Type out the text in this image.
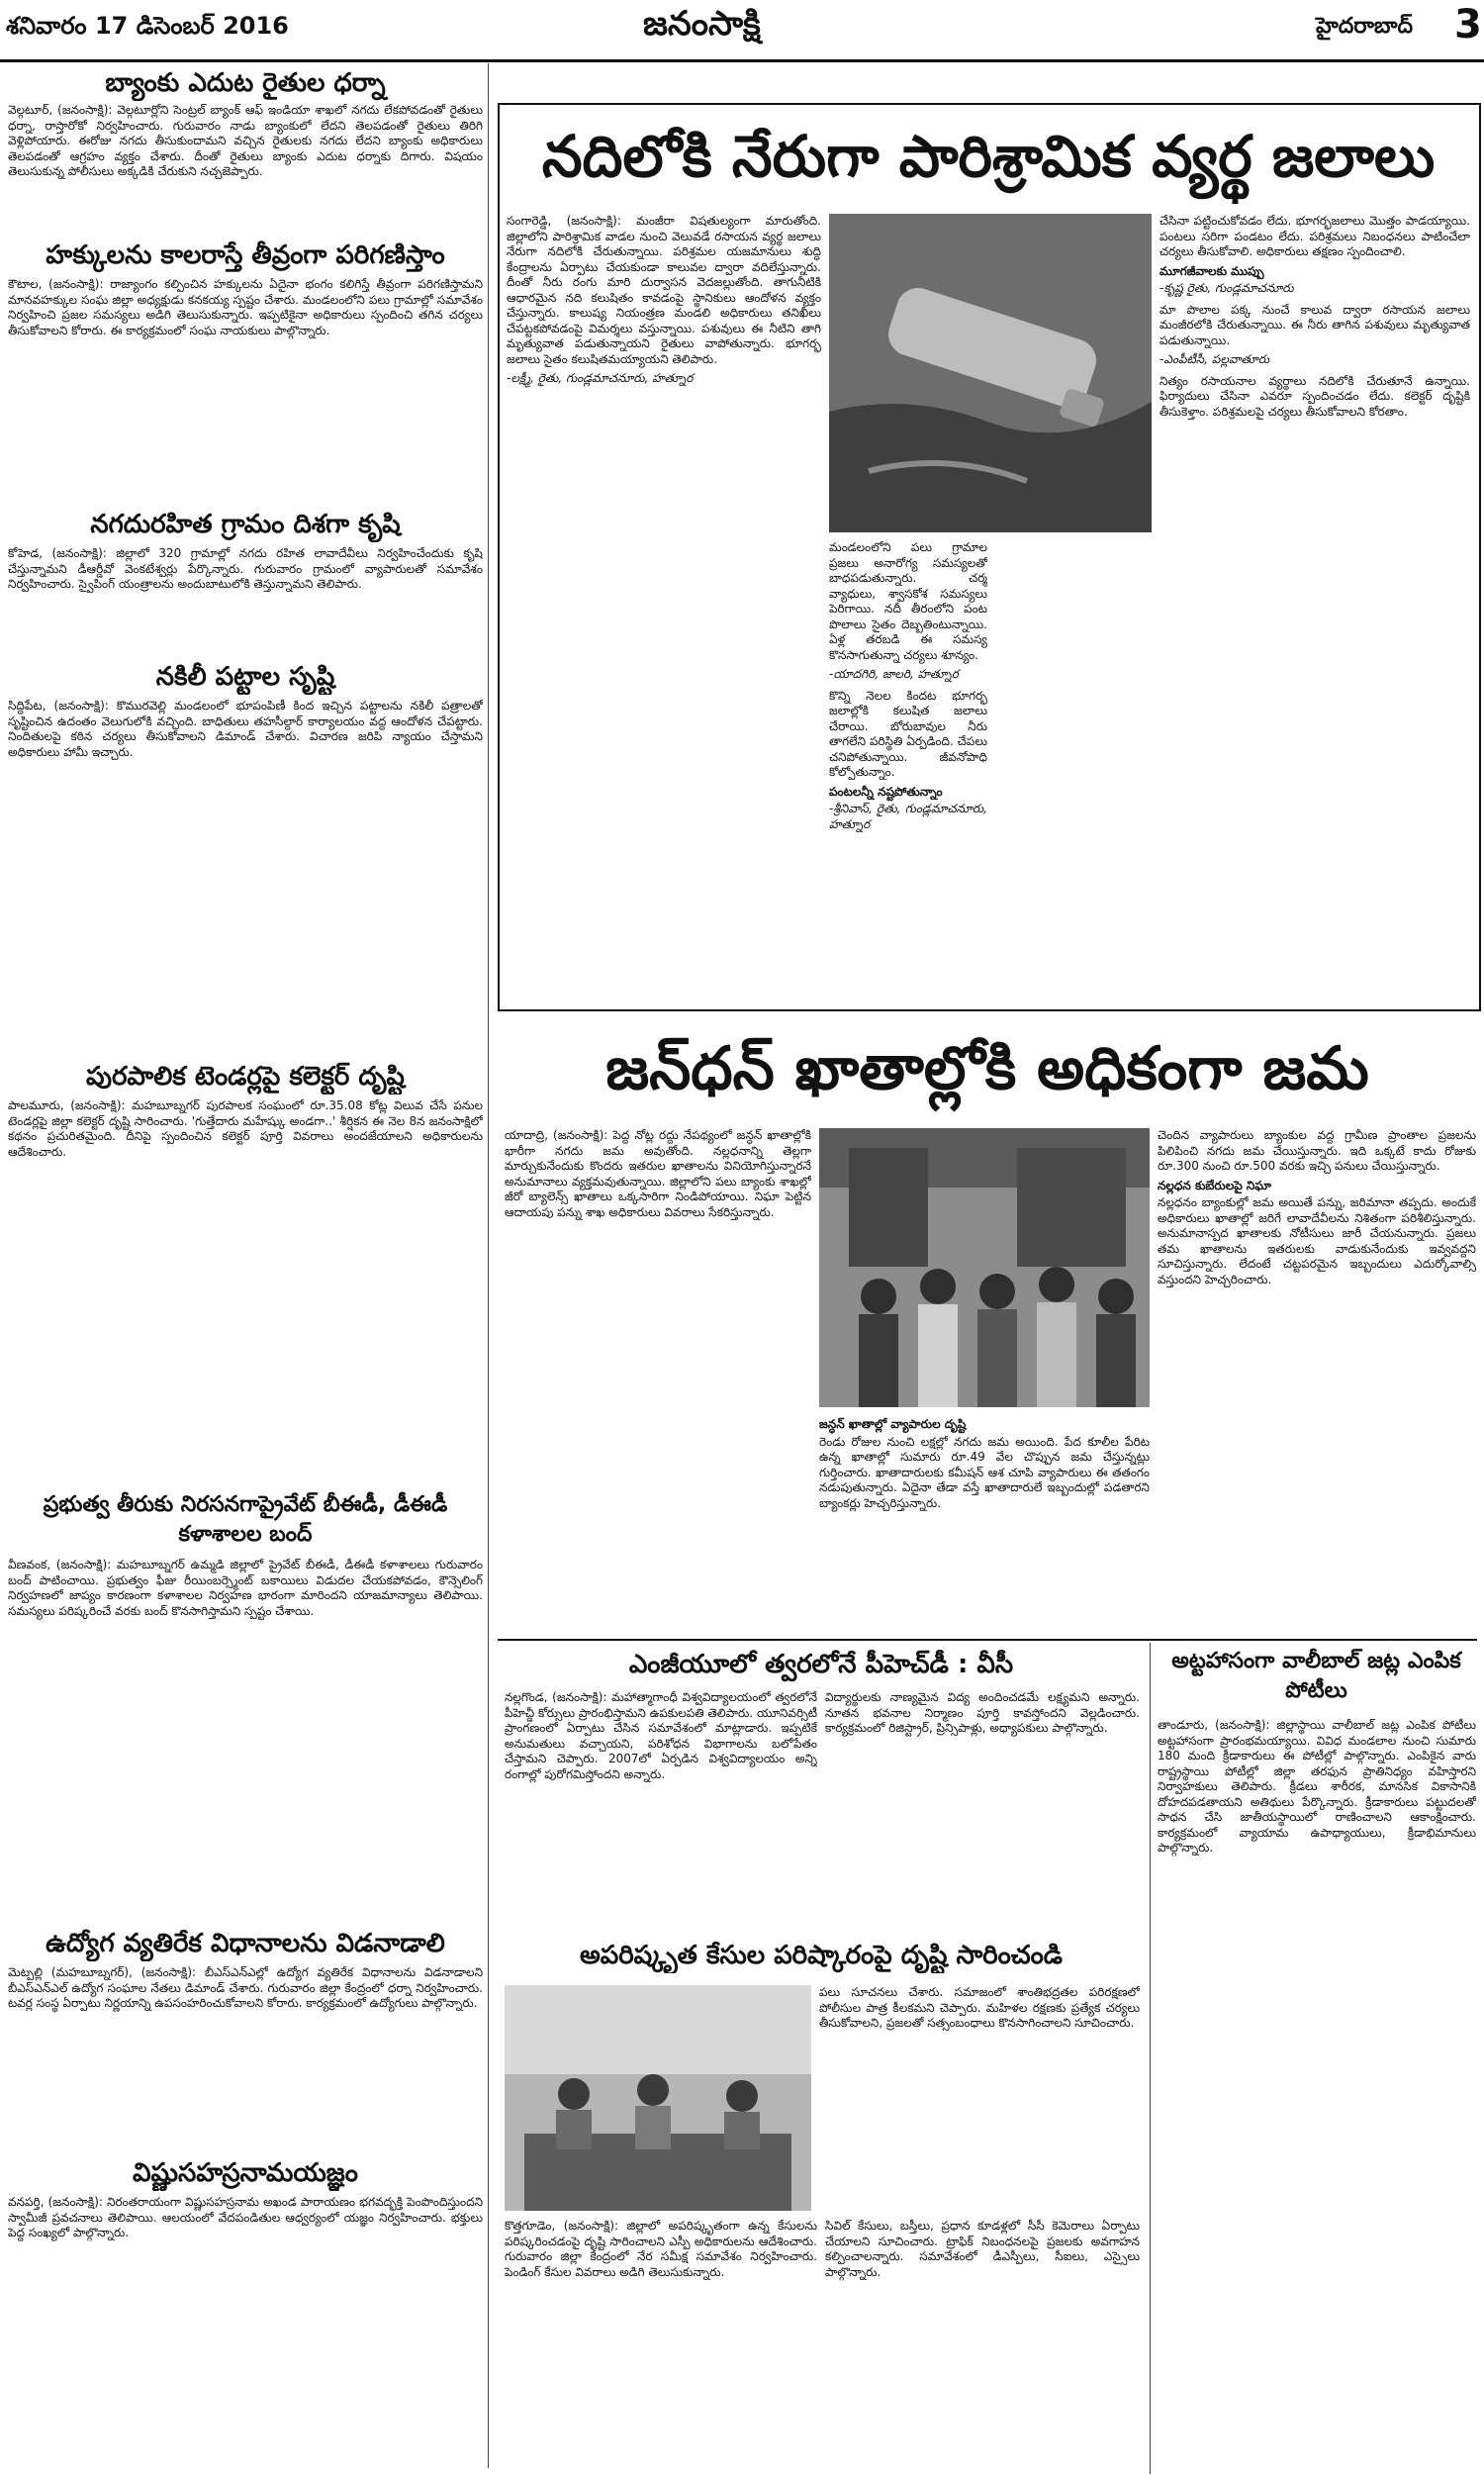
శనివారం 17 డిసెంబర్ 2016	జనంసాక్షి	హైదరాబాద్ 3
బ్యాంకు ఎదుట రైతుల ధర్నా

వెల్గటూర్, (జనంసాక్షి): వెల్గటూర్లోని సెంట్రల్ బ్యాంక్ ఆఫ్ ఇండియా శాఖలో నగదు లేకపోవడంతో రైతులు ధర్నా, రాస్తారోకో నిర్వహించారు. గురువారం నాడు బ్యాంకులో లేదని తెలపడంతో రైతులు తిరిగి వెళ్లిపోయారు. ఈరోజు నగదు తీసుకుందామని వచ్చిన రైతులకు నగదు లేదని బ్యాంకు అధికారులు తెలపడంతో ఆగ్రహం వ్యక్తం చేశారు. దీంతో రైతులు బ్యాంకు ఎదుట ధర్నాకు దిగారు. విషయం తెలుసుకున్న పోలీసులు అక్కడికి చేరుకుని నచ్చజెప్పారు.

హక్కులను కాలరాస్తే తీవ్రంగా పరిగణిస్తాం

కౌటాల, (జనంసాక్షి): రాజ్యాంగం కల్పించిన హక్కులను ఏదైనా భంగం కలిగిస్తే తీవ్రంగా పరిగణిస్తామని మానవహక్కుల సంఘ జిల్లా అధ్యక్షుడు కనకయ్య స్పష్టం చేశారు. మండలంలోని పలు గ్రామాల్లో సమావేశం నిర్వహించి ప్రజల సమస్యలు అడిగి తెలుసుకున్నారు. ఇప్పటికైనా అధికారులు స్పందించి తగిన చర్యలు తీసుకోవాలని కోరారు. ఈ కార్యక్రమంలో సంఘ నాయకులు పాల్గొన్నారు.

నగదురహిత గ్రామం దిశగా కృషి

కోహెడ, (జనంసాక్షి): జిల్లాలో 320 గ్రామాల్లో నగదు రహిత లావాదేవీలు నిర్వహించేందుకు కృషి చేస్తున్నామని డీఆర్డీవో వెంకటేశ్వర్లు పేర్కొన్నారు. గురువారం గ్రామంలో వ్యాపారులతో సమావేశం నిర్వహించారు. స్వైపింగ్ యంత్రాలను అందుబాటులోకి తెస్తున్నామని తెలిపారు.

నకిలీ పట్టాల సృష్టి

సిద్దిపేట, (జనంసాక్షి): కొమురవెల్లి మండలంలో భూపంపిణీ కింద ఇచ్చిన పట్టాలను నకిలీ పత్రాలతో సృష్టించిన ఉదంతం వెలుగులోకి వచ్చింది. బాధితులు తహసీల్దార్ కార్యాలయం వద్ద ఆందోళన చేపట్టారు. నిందితులపై కఠిన చర్యలు తీసుకోవాలని డిమాండ్ చేశారు. విచారణ జరిపి న్యాయం చేస్తామని అధికారులు హామీ ఇచ్చారు.

పురపాలిక టెండర్లపై కలెక్టర్ దృష్టి

పాలమూరు, (జనంసాక్షి): మహబూబ్నగర్ పురపాలక సంఘంలో రూ.35.08 కోట్ల విలువ చేసే పనుల టెండర్లపై జిల్లా కలెక్టర్ దృష్టి సారించారు. 'గుత్తేదారు మహేష్కు అండగా..' శీర్షికన ఈ నెల 8న జనంసాక్షిలో కథనం ప్రచురితమైంది. దీనిపై స్పందించిన కలెక్టర్ పూర్తి వివరాలు అందజేయాలని అధికారులను ఆదేశించారు.

ప్రభుత్వ తీరుకు నిరసనగాప్రైవేట్ బీఈడీ, డీఈడీ కళాశాలల బంద్

వీణవంక, (జనంసాక్షి): మహబూబ్నగర్ ఉమ్మడి జిల్లాలో ప్రైవేట్ బీఈడీ, డీఈడీ కళాశాలలు గురువారం బంద్ పాటించాయి. ప్రభుత్వం ఫీజు రీయింబర్స్మెంట్ బకాయిలు విడుదల చేయకపోవడం, కౌన్సెలింగ్ నిర్వహణలో జాప్యం కారణంగా కళాశాలల నిర్వహణ భారంగా మారిందని యాజమాన్యాలు తెలిపాయి. సమస్యలు పరిష్కరించే వరకు బంద్ కొనసాగిస్తామని స్పష్టం చేశాయి.

ఉద్యోగ వ్యతిరేక విధానాలను విడనాడాలి

మెట్పల్లి (మహబూబ్నగర్), (జనంసాక్షి): బీఎస్ఎన్ఎల్లో ఉద్యోగ వ్యతిరేక విధానాలను విడనాడాలని బీఎస్ఎన్ఎల్ ఉద్యోగ సంఘాల నేతలు డిమాండ్ చేశారు. గురువారం జిల్లా కేంద్రంలో ధర్నా నిర్వహించారు. టవర్ల సంస్థ ఏర్పాటు నిర్ణయాన్ని ఉపసంహరించుకోవాలని కోరారు. కార్యక్రమంలో ఉద్యోగులు పాల్గొన్నారు.

విష్ణుసహస్రనామయజ్ఞం

వనపర్తి, (జనంసాక్షి): నిరంతరాయంగా విష్ణుసహస్రనామ అఖండ పారాయణం భగవద్భక్తి పెంపొందిస్తుందని స్వామీజీ ప్రవచనాలు తెలిపాయి. ఆలయంలో వేదపండితుల ఆధ్వర్యంలో యజ్ఞం నిర్వహించారు. భక్తులు పెద్ద సంఖ్యలో పాల్గొన్నారు.

నదిలోకి నేరుగా పారిశ్రామిక వ్యర్థ జలాలు

సంగారెడ్డి, (జనంసాక్షి): మంజీరా విషతుల్యంగా మారుతోంది. జిల్లాలోని పారిశ్రామిక వాడల నుంచి వెలువడే రసాయన వ్యర్థ జలాలు నేరుగా నదిలోకి చేరుతున్నాయి. పరిశ్రమల యజమానులు శుద్ధి కేంద్రాలను ఏర్పాటు చేయకుండా కాలువల ద్వారా వదిలేస్తున్నారు. దీంతో నీరు రంగు మారి దుర్వాసన వెదజల్లుతోంది. తాగునీటికి ఆధారమైన నది కలుషితం కావడంపై స్థానికులు ఆందోళన వ్యక్తం చేస్తున్నారు. కాలుష్య నియంత్రణ మండలి అధికారులు తనిఖీలు చేపట్టకపోవడంపై విమర్శలు వస్తున్నాయి. పశువులు ఈ నీటిని తాగి మృత్యువాత పడుతున్నాయని రైతులు వాపోతున్నారు. భూగర్భ జలాలు సైతం కలుషితమయ్యాయని తెలిపారు.

-లక్ష్మీ, రైతు, గుండ్లమాచనూరు, హత్నూర

మండలంలోని పలు గ్రామాల ప్రజలు అనారోగ్య సమస్యలతో బాధపడుతున్నారు. చర్మ వ్యాధులు, శ్వాసకోశ సమస్యలు పెరిగాయి. నదీ తీరంలోని పంట పొలాలు సైతం దెబ్బతింటున్నాయి. ఏళ్ల తరబడి ఈ సమస్య కొనసాగుతున్నా చర్యలు శూన్యం.

-యాదగిరి, జాలరి, హత్నూర

కొన్ని నెలల కిందట భూగర్భ జలాల్లోకి కలుషిత జలాలు చేరాయి. బోరుబావుల నీరు తాగలేని పరిస్థితి ఏర్పడింది. చేపలు చనిపోతున్నాయి. జీవనోపాధి కోల్పోతున్నాం.

పంటలన్నీ నష్టపోతున్నాం
-శ్రీనివాస్, రైతు, గుండ్లమాచనూరు, హత్నూర

చేసినా పట్టించుకోవడం లేదు. భూగర్భజలాలు మొత్తం పాడయ్యాయి. పంటలు సరిగా పండటం లేదు. పరిశ్రమలు నిబంధనలు పాటించేలా చర్యలు తీసుకోవాలి. అధికారులు తక్షణం స్పందించాలి.

మూగజీవాలకు ముప్పు
-కృష్ణ రైతు, గుండ్లమాచనూరు

మా పొలాల పక్క నుంచే కాలువ ద్వారా రసాయన జలాలు మంజీరలోకి చేరుతున్నాయి. ఈ నీరు తాగిన పశువులు మృత్యువాత పడుతున్నాయి.

-ఎంపీటీసీ, పల్లవాతూరు

నిత్యం రసాయనాల వ్యర్థాలు నదిలోకి చేరుతూనే ఉన్నాయి. ఫిర్యాదులు చేసినా ఎవరూ స్పందించడం లేదు. కలెక్టర్ దృష్టికి తీసుకెళ్తాం. పరిశ్రమలపై చర్యలు తీసుకోవాలని కోరతాం.

జన్‌ధన్‌ ఖాతాల్లోకి అధికంగా జమ

యాదాద్రి, (జనంసాక్షి): పెద్ద నోట్ల రద్దు నేపథ్యంలో జన్ధన్ ఖాతాల్లోకి భారీగా నగదు జమ అవుతోంది. నల్లధనాన్ని తెల్లగా మార్చుకునేందుకు కొందరు ఇతరుల ఖాతాలను వినియోగిస్తున్నారనే అనుమానాలు వ్యక్తమవుతున్నాయి. జిల్లాలోని పలు బ్యాంకు శాఖల్లో జీరో బ్యాలెన్స్ ఖాతాలు ఒక్కసారిగా నిండిపోయాయి. నిఘా పెట్టిన ఆదాయపు పన్ను శాఖ అధికారులు వివరాలు సేకరిస్తున్నారు.

జన్ధన్ ఖాతాల్లో వ్యాపారుల దృష్టి

రెండు రోజుల నుంచి లక్షల్లో నగదు జమ అయింది. పేద కూలీల పేరిట ఉన్న ఖాతాల్లో సుమారు రూ.49 వేల చొప్పున జమ చేస్తున్నట్లు గుర్తించారు. ఖాతాదారులకు కమీషన్ ఆశ చూపి వ్యాపారులు ఈ తతంగం నడుపుతున్నారు. ఏదైనా తేడా వస్తే ఖాతాదారులే ఇబ్బందుల్లో పడతారని బ్యాంకర్లు హెచ్చరిస్తున్నారు.

చెందిన వ్యాపారులు బ్యాంకుల వద్ద గ్రామీణ ప్రాంతాల ప్రజలను పిలిపించి నగదు జమ చేయిస్తున్నారు. ఇది ఒక్కటే కాదు రోజుకు రూ.300 నుంచి రూ.500 వరకు ఇచ్చి పనులు చేయిస్తున్నారు.

నల్లధన కుబేరులపై నిఘా

నల్లధనం బ్యాంకుల్లో జమ అయితే పన్ను, జరిమానా తప్పదు. అందుకే అధికారులు ఖాతాల్లో జరిగే లావాదేవీలను నిశితంగా పరిశీలిస్తున్నారు. అనుమానాస్పద ఖాతాలకు నోటీసులు జారీ చేయనున్నారు. ప్రజలు తమ ఖాతాలను ఇతరులకు వాడుకునేందుకు ఇవ్వవద్దని సూచిస్తున్నారు. లేదంటే చట్టపరమైన ఇబ్బందులు ఎదుర్కోవాల్సి వస్తుందని హెచ్చరించారు.

ఎంజీయూలో త్వరలోనే పీహెచ్‌డీ : వీసీ

నల్లగొండ, (జనంసాక్షి): మహాత్మాగాంధీ విశ్వవిద్యాలయంలో త్వరలోనే పీహెచ్డీ కోర్సులు ప్రారంభిస్తామని ఉపకులపతి తెలిపారు. యూనివర్సిటీ ప్రాంగణంలో ఏర్పాటు చేసిన సమావేశంలో మాట్లాడారు. ఇప్పటికే అనుమతులు వచ్చాయని, పరిశోధన విభాగాలను బలోపేతం చేస్తామని చెప్పారు. 2007లో ఏర్పడిన విశ్వవిద్యాలయం అన్ని రంగాల్లో పురోగమిస్తోందని అన్నారు.

విద్యార్థులకు నాణ్యమైన విద్య అందించడమే లక్ష్యమని అన్నారు. నూతన భవనాల నిర్మాణం పూర్తి కావస్తోందని వెల్లడించారు. కార్యక్రమంలో రిజిస్ట్రార్, ప్రిన్సిపాళ్లు, అధ్యాపకులు పాల్గొన్నారు.

అట్టహాసంగా వాలీబాల్‌ జట్ల ఎంపిక పోటీలు

తాండూరు, (జనంసాక్షి): జిల్లాస్థాయి వాలీబాల్ జట్ల ఎంపిక పోటీలు అట్టహాసంగా ప్రారంభమయ్యాయి. వివిధ మండలాల నుంచి సుమారు 180 మంది క్రీడాకారులు ఈ పోటీల్లో పాల్గొన్నారు. ఎంపికైన వారు రాష్ట్రస్థాయి పోటీల్లో జిల్లా తరఫున ప్రాతినిధ్యం వహిస్తారని నిర్వాహకులు తెలిపారు. క్రీడలు శారీరక, మానసిక వికాసానికి దోహదపడతాయని అతిథులు పేర్కొన్నారు. క్రీడాకారులు పట్టుదలతో సాధన చేసి జాతీయస్థాయిలో రాణించాలని ఆకాంక్షించారు. కార్యక్రమంలో వ్యాయామ ఉపాధ్యాయులు, క్రీడాభిమానులు పాల్గొన్నారు.

అపరిష్కృత కేసుల పరిష్కారంపై దృష్టి సారించండి

పలు సూచనలు చేశారు. సమాజంలో శాంతిభద్రతల పరిరక్షణలో పోలీసుల పాత్ర కీలకమని చెప్పారు. మహిళల రక్షణకు ప్రత్యేక చర్యలు తీసుకోవాలని, ప్రజలతో సత్సంబంధాలు కొనసాగించాలని సూచించారు.

కొత్తగూడెం, (జనంసాక్షి): జిల్లాలో అపరిష్కృతంగా ఉన్న కేసులను పరిష్కరించడంపై దృష్టి సారించాలని ఎస్పీ అధికారులను ఆదేశించారు. గురువారం జిల్లా కేంద్రంలో నేర సమీక్ష సమావేశం నిర్వహించారు. పెండింగ్ కేసుల వివరాలు అడిగి తెలుసుకున్నారు.

సివిల్ కేసులు, బస్తీలు, ప్రధాన కూడళ్లలో సీసీ కెమెరాలు ఏర్పాటు చేయాలని సూచించారు. ట్రాఫిక్ నిబంధనలపై ప్రజలకు అవగాహన కల్పించాలన్నారు. సమావేశంలో డీఎస్పీలు, సీఐలు, ఎస్సైలు పాల్గొన్నారు.
